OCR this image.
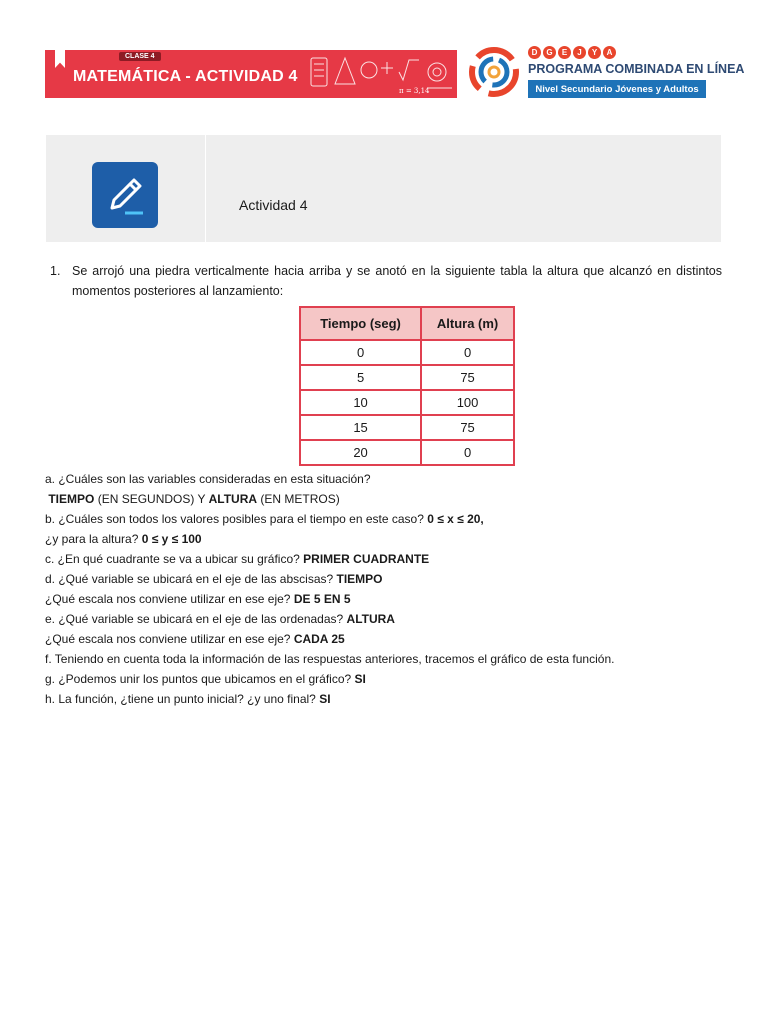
CLASE 4
MATEMÁTICA - ACTIVIDAD 4
π = 3,14
D	G	E	J	Y	A
PROGRAMA COMBINADA EN LÍNEA
Nivel Secundario Jóvenes y Adultos
Actividad 4
1. Se arrojó una piedra verticalmente hacia arriba y se anotó en la siguiente tabla la altura que alcanzó en distintos momentos posteriores al lanzamiento:
Tiempo (seg)	Altura (m)
0	0
5	75
10	100
15	75
20	0
a. ¿Cuáles son las variables consideradas en esta situación?
TIEMPO (EN SEGUNDOS) Y ALTURA (EN METROS)
b. ¿Cuáles son todos los valores posibles para el tiempo en este caso? 0 ≤ x ≤ 20,
¿y para la altura? 0 ≤ y ≤ 100
c. ¿En qué cuadrante se va a ubicar su gráfico? PRIMER CUADRANTE
d. ¿Qué variable se ubicará en el eje de las abscisas? TIEMPO
¿Qué escala nos conviene utilizar en ese eje? DE 5 EN 5
e. ¿Qué variable se ubicará en el eje de las ordenadas? ALTURA
¿Qué escala nos conviene utilizar en ese eje? CADA 25
f. Teniendo en cuenta toda la información de las respuestas anteriores, tracemos el gráfico de esta función.
g. ¿Podemos unir los puntos que ubicamos en el gráfico? SI
h. La función, ¿tiene un punto inicial? ¿y uno final? SI
